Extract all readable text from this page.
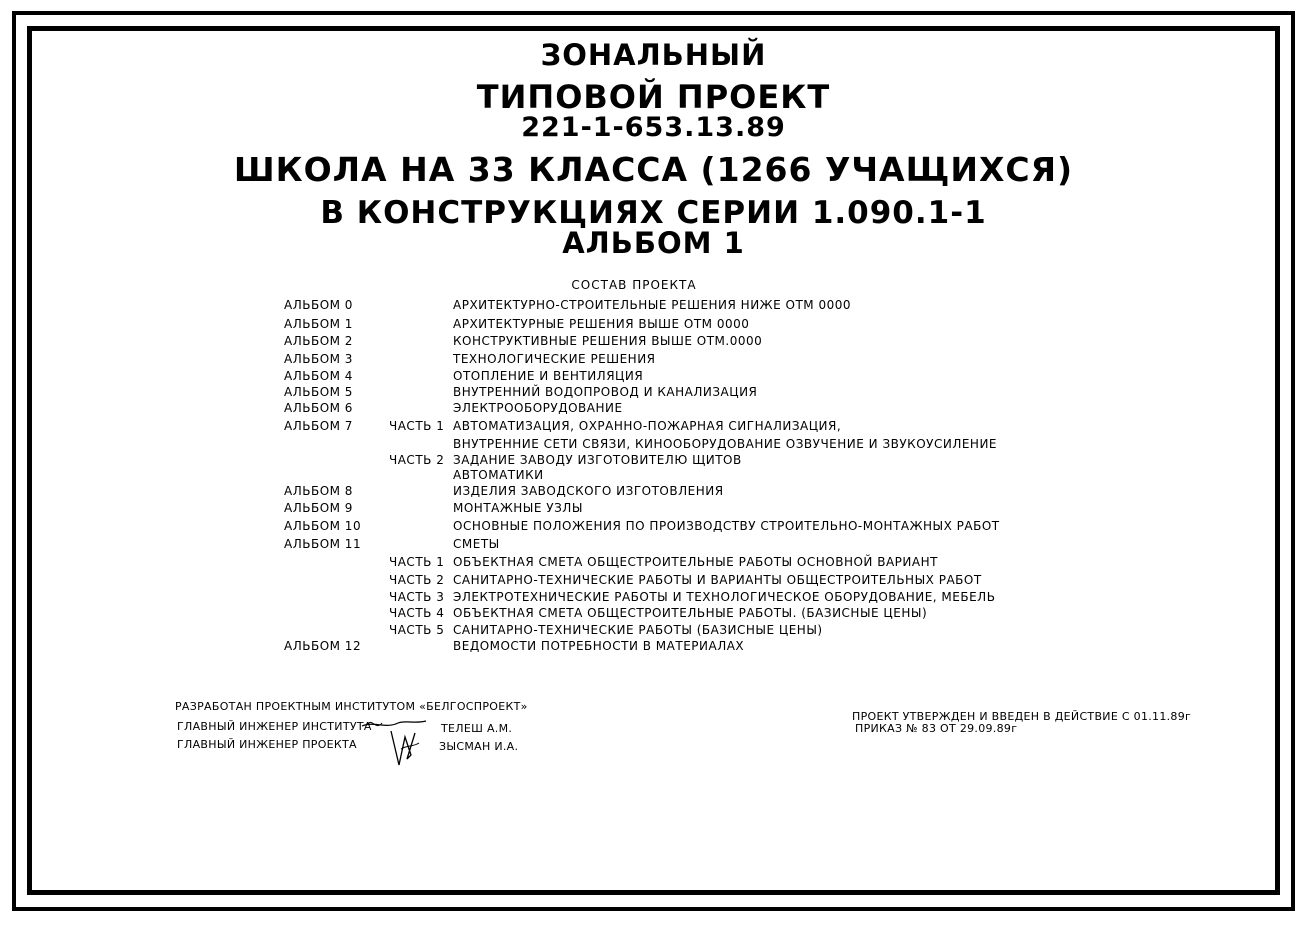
ЗОНАЛЬНЫЙ
ТИПОВОЙ ПРОЕКТ
221-1-653.13.89
ШКОЛА НА 33 КЛАССА (1266 УЧАЩИХСЯ)
В КОНСТРУКЦИЯХ СЕРИИ 1.090.1-1
АЛЬБОМ 1
СОСТАВ ПРОЕКТА
АЛЬБОМ 0	АРХИТЕКТУРНО-СТРОИТЕЛЬНЫЕ РЕШЕНИЯ НИЖЕ ОТМ 0000
АЛЬБОМ 1	АРХИТЕКТУРНЫЕ РЕШЕНИЯ ВЫШЕ ОТМ 0000
АЛЬБОМ 2	КОНСТРУКТИВНЫЕ РЕШЕНИЯ ВЫШЕ ОТМ.0000
АЛЬБОМ 3	ТЕХНОЛОГИЧЕСКИЕ РЕШЕНИЯ
АЛЬБОМ 4	ОТОПЛЕНИЕ И ВЕНТИЛЯЦИЯ
АЛЬБОМ 5	ВНУТРЕННИЙ ВОДОПРОВОД И КАНАЛИЗАЦИЯ
АЛЬБОМ 6	ЭЛЕКТРООБОРУДОВАНИЕ
АЛЬБОМ 7	ЧАСТЬ 1 АВТОМАТИЗАЦИЯ, ОХРАННО-ПОЖАРНАЯ СИГНАЛИЗАЦИЯ,
ВНУТРЕННИЕ СЕТИ СВЯЗИ, КИНООБОРУДОВАНИЕ ОЗВУЧЕНИЕ И ЗВУКОУСИЛЕНИЕ
ЧАСТЬ 2 ЗАДАНИЕ ЗАВОДУ ИЗГОТОВИТЕЛЮ ЩИТОВ
АВТОМАТИКИ
АЛЬБОМ 8	ИЗДЕЛИЯ ЗАВОДСКОГО ИЗГОТОВЛЕНИЯ
АЛЬБОМ 9	МОНТАЖНЫЕ УЗЛЫ
АЛЬБОМ 10	ОСНОВНЫЕ ПОЛОЖЕНИЯ ПО ПРОИЗВОДСТВУ СТРОИТЕЛЬНО-МОНТАЖНЫХ РАБОТ
АЛЬБОМ 11	СМЕТЫ
ЧАСТЬ 1 ОБЪЕКТНАЯ СМЕТА ОБЩЕСТРОИТЕЛЬНЫЕ РАБОТЫ ОСНОВНОЙ ВАРИАНТ
ЧАСТЬ 2 САНИТАРНО-ТЕХНИЧЕСКИЕ РАБОТЫ И ВАРИАНТЫ ОБЩЕСТРОИТЕЛЬНЫХ РАБОТ
ЧАСТЬ 3 ЭЛЕКТРОТЕХНИЧЕСКИЕ РАБОТЫ И ТЕХНОЛОГИЧЕСКОЕ ОБОРУДОВАНИЕ, МЕБЕЛЬ
ЧАСТЬ 4 ОБЪЕКТНАЯ СМЕТА ОБЩЕСТРОИТЕЛЬНЫЕ РАБОТЫ. (БАЗИСНЫЕ ЦЕНЫ)
ЧАСТЬ 5 САНИТАРНО-ТЕХНИЧЕСКИЕ РАБОТЫ (БАЗИСНЫЕ ЦЕНЫ)
АЛЬБОМ 12	ВЕДОМОСТИ ПОТРЕБНОСТИ В МАТЕРИАЛАХ
РАЗРАБОТАН ПРОЕКТНЫМ ИНСТИТУТОМ «БЕЛГОСПРОЕКТ»
ГЛАВНЫЙ ИНЖЕНЕР ИНСТИТУТА	ТЕЛЕШ А.М.
ГЛАВНЫЙ ИНЖЕНЕР ПРОЕКТА	ЗЫСМАН И.А.
ПРОЕКТ УТВЕРЖДЕН И ВВЕДЕН В ДЕЙСТВИЕ С 01.11.89г
ПРИКАЗ № 83 ОТ 29.09.89г
